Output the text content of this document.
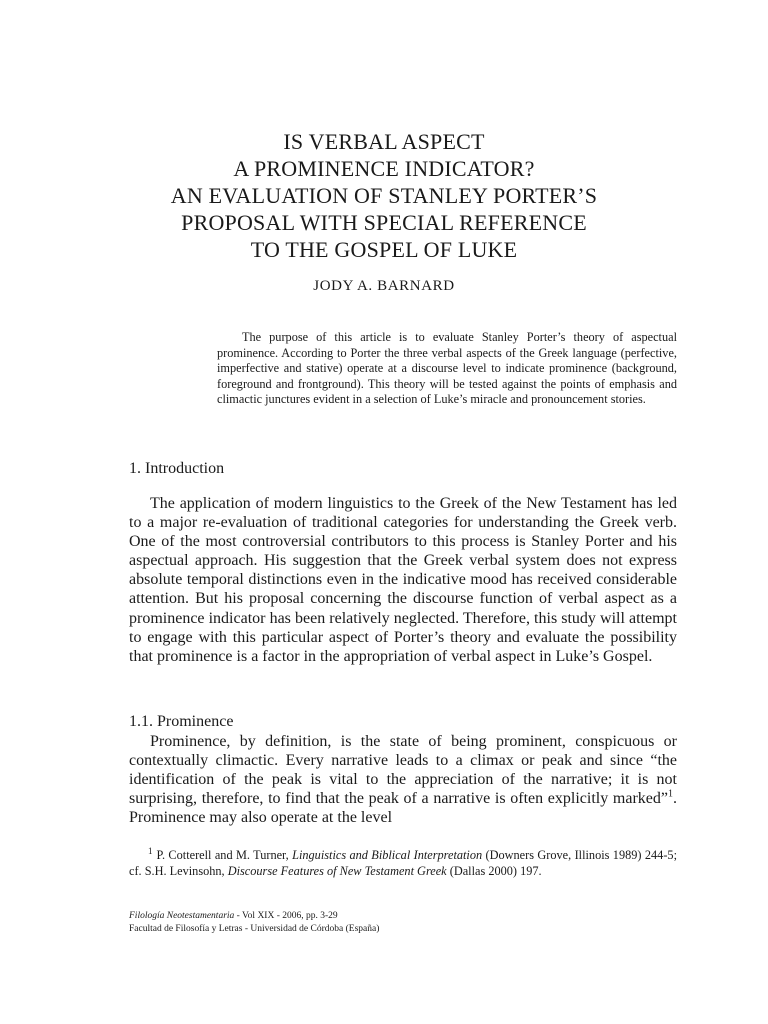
IS VERBAL ASPECT
A PROMINENCE INDICATOR?
AN EVALUATION OF STANLEY PORTER’S
PROPOSAL WITH SPECIAL REFERENCE
TO THE GOSPEL OF LUKE
JODY A. BARNARD

The purpose of this article is to evaluate Stanley Porter’s theory of aspectual prominence. According to Porter the three verbal aspects of the Greek language (perfective, imperfective and stative) operate at a discourse level to indicate prominence (background, foreground and frontground). This theory will be tested against the points of emphasis and climactic junctures evident in a selection of Luke’s miracle and pronouncement stories.

1. Introduction

The application of modern linguistics to the Greek of the New Testament has led to a major re-evaluation of traditional categories for understanding the Greek verb. One of the most controversial contributors to this process is Stanley Porter and his aspectual approach. His suggestion that the Greek verbal system does not express absolute temporal distinctions even in the indicative mood has received considerable attention. But his proposal concerning the discourse function of verbal aspect as a prominence indicator has been relatively neglected. Therefore, this study will attempt to engage with this particular aspect of Porter’s theory and evaluate the possibility that prominence is a factor in the appropriation of verbal aspect in Luke’s Gospel.

1.1. Prominence

Prominence, by definition, is the state of being prominent, conspicuous or contextually climactic. Every narrative leads to a climax or peak and since “the identification of the peak is vital to the appreciation of the narrative; it is not surprising, therefore, to find that the peak of a narrative is often explicitly marked”$^1$. Prominence may also operate at the level

$^1$ P. Cotterell and M. Turner, Linguistics and Biblical Interpretation (Downers Grove, Illinois 1989) 244-5; cf. S.H. Levinsohn, Discourse Features of New Testament Greek (Dallas 2000) 197.

Filología Neotestamentaria - Vol XIX - 2006, pp. 3-29
Facultad de Filosofía y Letras - Universidad de Córdoba (España)
